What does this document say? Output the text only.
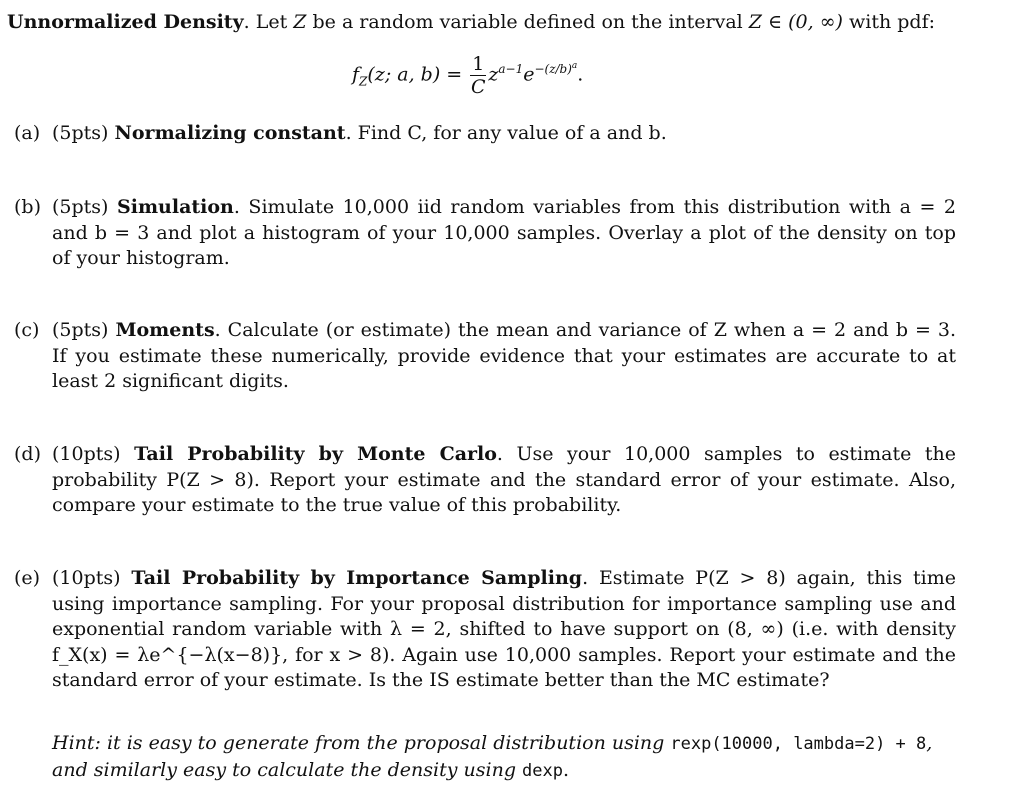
Unnormalized Density. Let Z be a random variable defined on the interval Z ∈ (0, ∞) with pdf:
$f_Z(z$; a, $b) = \frac{1}{C} z^{a-1}e^{-(z/b)^a}$.
(a) (5pts) Normalizing constant. Find C, for any value of a and b.
(b) (5pts) Simulation. Simulate 10,000 iid random variables from this distribution with a = 2 and b = 3 and plot a histogram of your 10,000 samples. Overlay a plot of the density on top of your histogram.
(c) (5pts) Moments. Calculate (or estimate) the mean and variance of Z when a = 2 and b = 3. If you estimate these numerically, provide evidence that your estimates are accurate to at least 2 significant digits.
(d) (10pts) Tail Probability by Monte Carlo. Use your 10,000 samples to estimate the probability P(Z > 8). Report your estimate and the standard error of your estimate. Also, compare your estimate to the true value of this probability.
(e) (10pts) Tail Probability by Importance Sampling. Estimate P(Z > 8) again, this time using importance sampling. For your proposal distribution for importance sampling use and exponential random variable with λ = 2, shifted to have support on (8, ∞) (i.e. with density f_X(x) = λe^{−λ(x−8)}, for x > 8). Again use 10,000 samples. Report your estimate and the standard error of your estimate. Is the IS estimate better than the MC estimate?
Hint: it is easy to generate from the proposal distribution using rexp(10000, lambda=2) + 8, and similarly easy to calculate the density using dexp.
